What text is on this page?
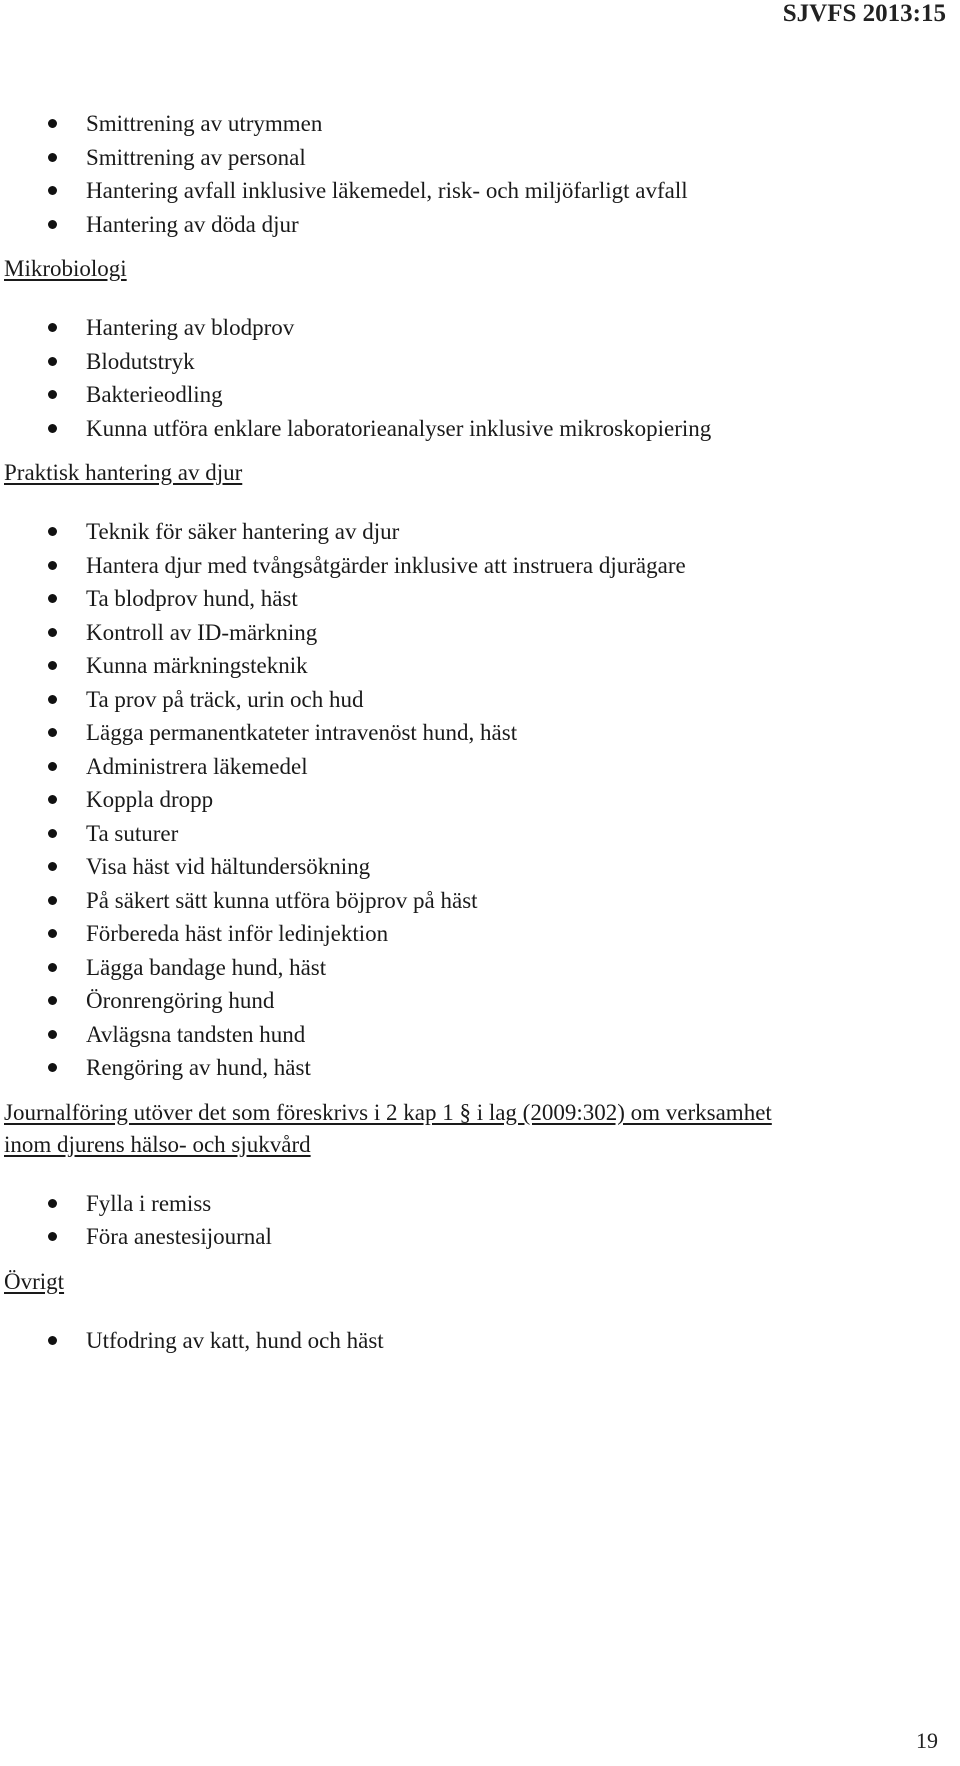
SJVFS 2013:15
Smittrening av utrymmen
Smittrening av personal
Hantering avfall inklusive läkemedel, risk- och miljöfarligt avfall
Hantering av döda djur
Mikrobiologi
Hantering av blodprov
Blodutstryk
Bakterieodling
Kunna utföra enklare laboratorieanalyser inklusive mikroskopiering
Praktisk hantering av djur
Teknik för säker hantering av djur
Hantera djur med tvångsåtgärder inklusive att instruera djurägare
Ta blodprov hund, häst
Kontroll av ID-märkning
Kunna märkningsteknik
Ta prov på träck, urin och hud
Lägga permanentkateter intravenöst hund, häst
Administrera läkemedel
Koppla dropp
Ta suturer
Visa häst vid hältundersökning
På säkert sätt kunna utföra böjprov på häst
Förbereda häst inför ledinjektion
Lägga bandage hund, häst
Öronrengöring hund
Avlägsna tandsten hund
Rengöring av hund, häst
Journalföring utöver det som föreskrivs i 2 kap 1 § i lag (2009:302) om verksamhet
inom djurens hälso- och sjukvård
Fylla i remiss
Föra anestesijournal
Övrigt
Utfodring av katt, hund och häst
19
